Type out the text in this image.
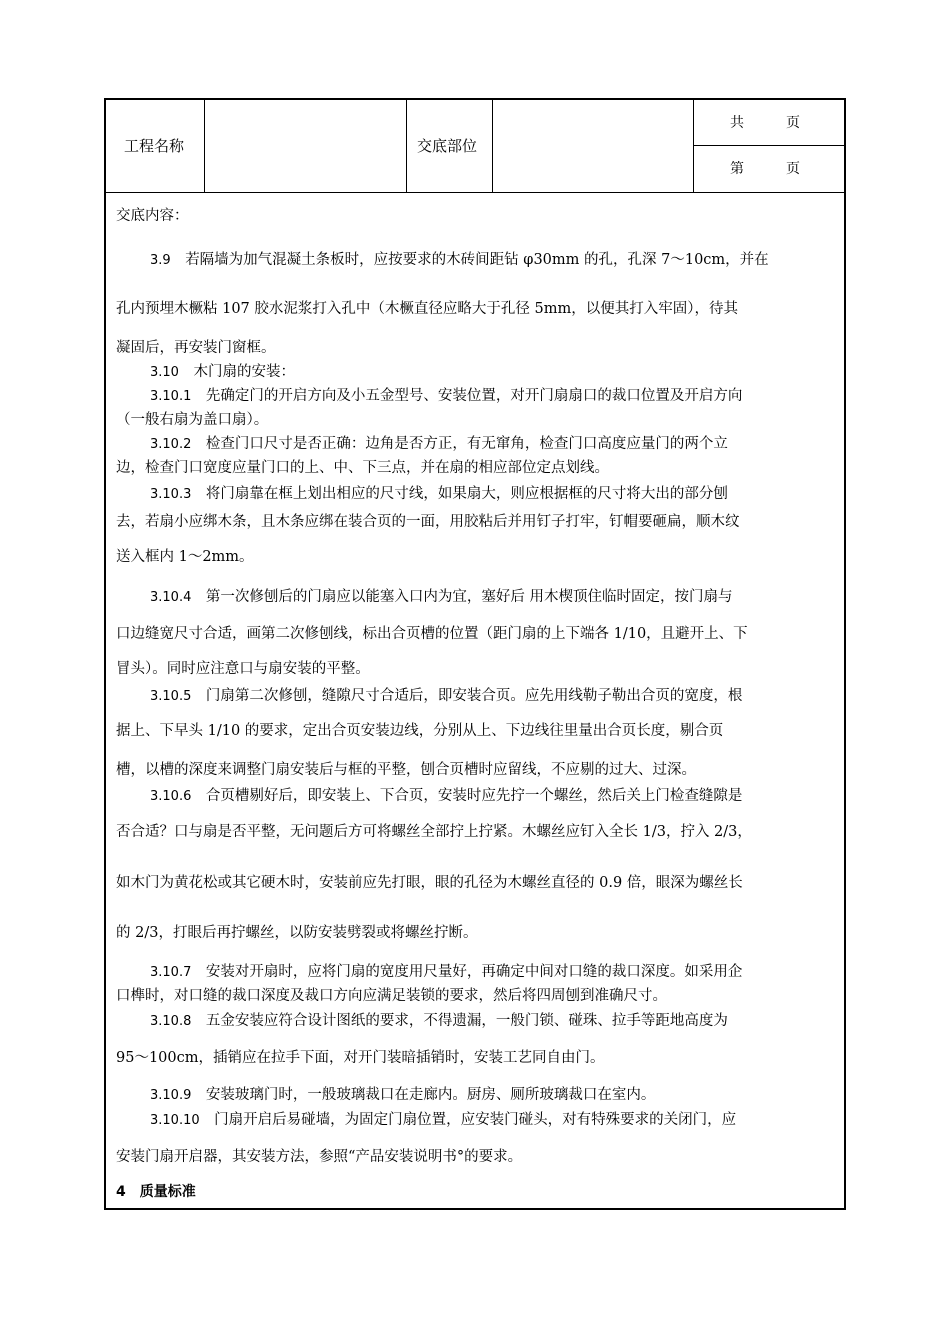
工程名称	交底部位
共　　　页
第　　　页
交底内容：
3.9　 若隔墙为加气混凝土条板时，应按要求的木砖间距钻 φ30mm 的孔，孔深 7～10cm，并在
孔内预埋木橛粘 107 胶水泥浆打入孔中（木橛直径应略大于孔径 5mm，以便其打入牢固），待其
凝固后，再安装门窗框。
3.10　 木门扇的安装：
3.10.1　 先确定门的开启方向及小五金型号、安装位置，对开门扇扇口的裁口位置及开启方向
（一般右扇为盖口扇）。
3.10.2　 检查门口尺寸是否正确：边角是否方正，有无窜角，检查门口高度应量门的两个立
边，检查门口宽度应量门口的上、中、下三点，并在扇的相应部位定点划线。
3.10.3　 将门扇靠在框上划出相应的尺寸线，如果扇大，则应根据框的尺寸将大出的部分刨
去，若扇小应绑木条，且木条应绑在装合页的一面，用胶粘后并用钉子打牢，钉帽要砸扁，顺木纹
送入框内 1～2mm。
3.10.4　 第一次修刨后的门扇应以能塞入口内为宜，塞好后 用木楔顶住临时固定，按门扇与
口边缝宽尺寸合适，画第二次修刨线，标出合页槽的位置（距门扇的上下端各 1/10，且避开上、下
冒头）。同时应注意口与扇安装的平整。
3.10.5　 门扇第二次修刨，缝隙尺寸合适后，即安装合页。应先用线勒子勒出合页的宽度，根
据上、下早头 1/10 的要求，定出合页安装边线，分别从上、下边线往里量出合页长度，剔合页
槽，以槽的深度来调整门扇安装后与框的平整，刨合页槽时应留线，不应剔的过大、过深。
3.10.6　 合页槽剔好后，即安装上、下合页，安装时应先拧一个螺丝，然后关上门检查缝隙是
否合适？口与扇是否平整，无问题后方可将螺丝全部拧上拧紧。木螺丝应钉入全长 1/3，拧入 2/3，
如木门为黄花松或其它硬木时，安装前应先打眼，眼的孔径为木螺丝直径的 0.9 倍，眼深为螺丝长
的 2/3，打眼后再拧螺丝，以防安装劈裂或将螺丝拧断。
3.10.7　 安装对开扇时，应将门扇的宽度用尺量好，再确定中间对口缝的裁口深度。如采用企
口榫时，对口缝的裁口深度及裁口方向应满足装锁的要求，然后将四周刨到准确尺寸。
3.10.8　 五金安装应符合设计图纸的要求，不得遗漏，一般门锁、碰珠、拉手等距地高度为
95～100cm，插销应在拉手下面，对开门装暗插销时，安装工艺同自由门。
3.10.9　 安装玻璃门时，一般玻璃裁口在走廊内。厨房、厕所玻璃裁口在室内。
3.10.10　 门扇开启后易碰墙，为固定门扇位置，应安装门碰头，对有特殊要求的关闭门，应
安装门扇开启器，其安装方法，参照“产品安装说明书°的要求。
4　质量标准
